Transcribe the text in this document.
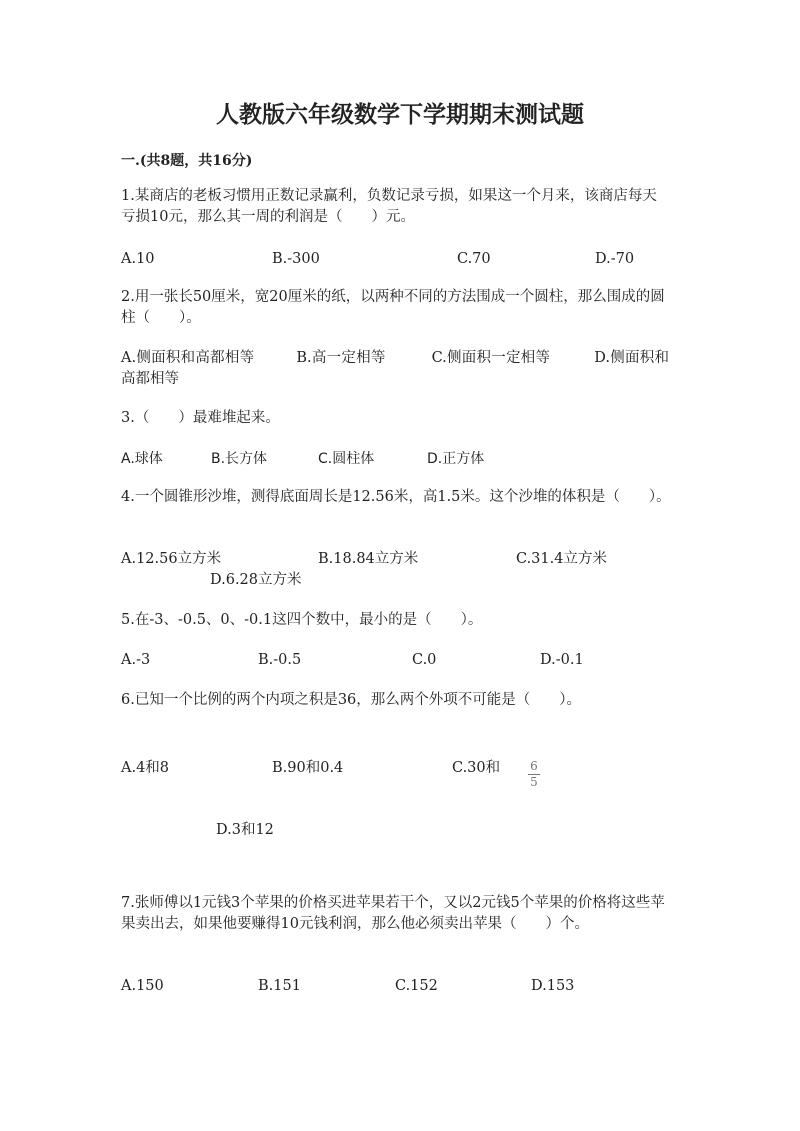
人教版六年级数学下学期期末测试题
一.(共8题，共16分)
1.某商店的老板习惯用正数记录赢利，负数记录亏损，如果这一个月来，该商店每天亏损10元，那么其一周的利润是（　　）元。
A.10	B.-300	C.70	D.-70
2.用一张长50厘米，宽20厘米的纸，以两种不同的方法围成一个圆柱，那么围成的圆柱（　　）。
A.侧面积和高都相等	B.高一定相等	C.侧面积一定相等	D.侧面积和高都相等
3.（　　）最难堆起来。
A.球体	B.长方体	C.圆柱体	D.正方体
4.一个圆锥形沙堆，测得底面周长是12.56米，高1.5米。这个沙堆的体积是（　　）。
A.12.56立方米	B.18.84立方米	C.31.4立方米
D.6.28立方米
5.在-3、-0.5、0、-0.1这四个数中，最小的是（　　）。
A.-3	B.-0.5	C.0	D.-0.1
6.已知一个比例的两个内项之积是36，那么两个外项不可能是（　　）。
A.4和8	B.90和0.4	C.30和	6
5
D.3和12
7.张师傅以1元钱3个苹果的价格买进苹果若干个，又以2元钱5个苹果的价格将这些苹果卖出去，如果他要赚得10元钱利润，那么他必须卖出苹果（　　）个。
A.150	B.151	C.152	D.153
